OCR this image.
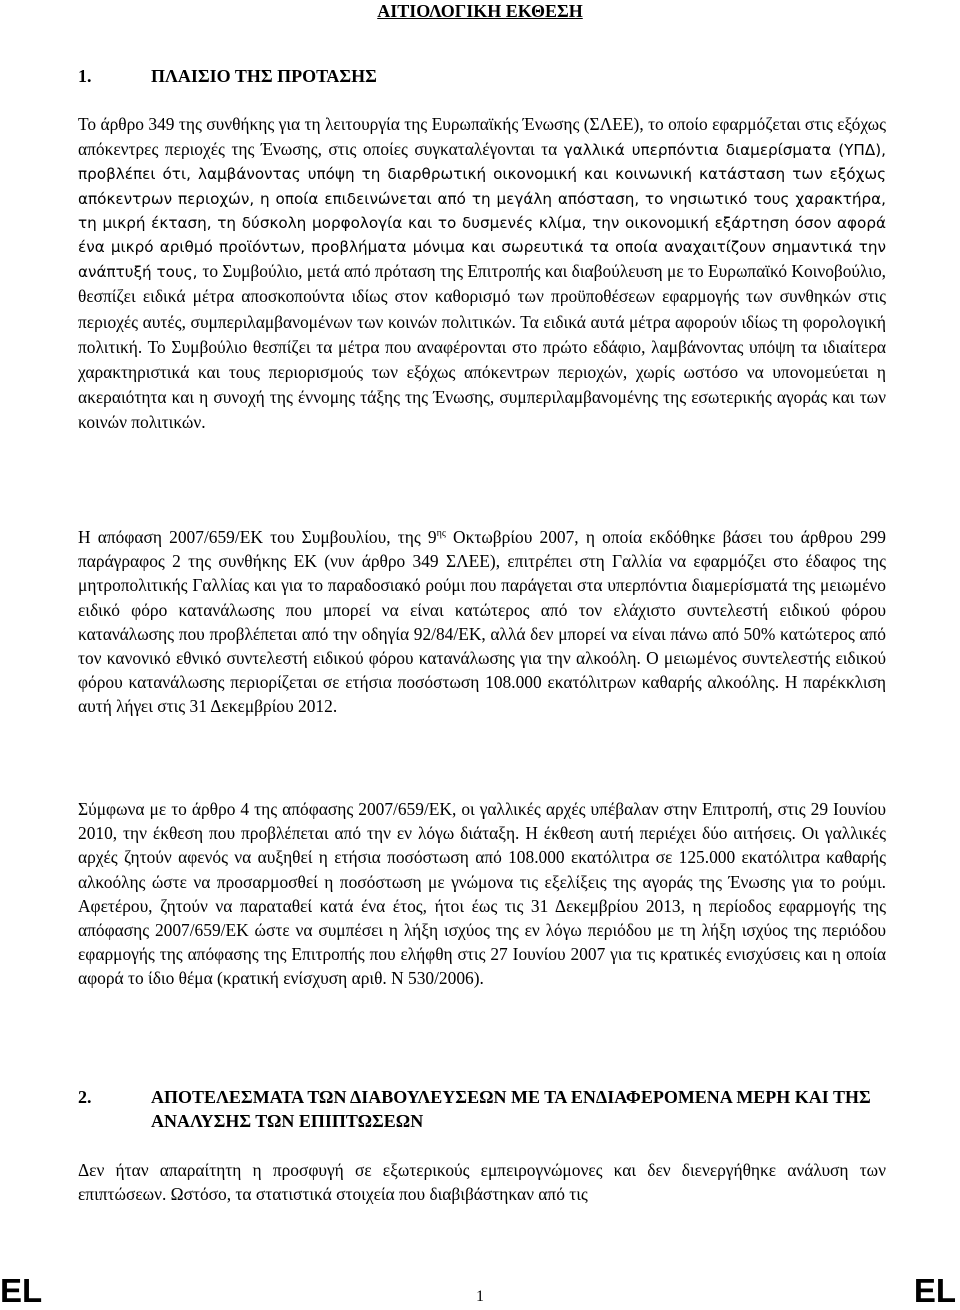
ΑΙΤΙΟΛΟΓΙΚΗ ΕΚΘΕΣΗ
1.	ΠΛΑΙΣΙΟ ΤΗΣ ΠΡΟΤΑΣΗΣ

Το άρθρο 349 της συνθήκης για τη λειτουργία της Ευρωπαϊκής Ένωσης (ΣΛΕΕ), το οποίο εφαρμόζεται στις εξόχως απόκεντρες περιοχές της Ένωσης, στις οποίες συγκαταλέγονται τα γαλλικά υπερπόντια διαμερίσματα (ΥΠΔ), προβλέπει ότι, λαμβάνοντας υπόψη τη διαρθρωτική οικονομική και κοινωνική κατάσταση των εξόχως απόκεντρων περιοχών, η οποία επιδεινώνεται από τη μεγάλη απόσταση, το νησιωτικό τους χαρακτήρα, τη μικρή έκταση, τη δύσκολη μορφολογία και το δυσμενές κλίμα, την οικονομική εξάρτηση όσον αφορά ένα μικρό αριθμό προϊόντων, προβλήματα μόνιμα και σωρευτικά τα οποία αναχαιτίζουν σημαντικά την ανάπτυξή τους, το Συμβούλιο, μετά από πρόταση της Επιτροπής και διαβούλευση με το Ευρωπαϊκό Κοινοβούλιο, θεσπίζει ειδικά μέτρα αποσκοπούντα ιδίως στον καθορισμό των προϋποθέσεων εφαρμογής των συνθηκών στις περιοχές αυτές, συμπεριλαμβανομένων των κοινών πολιτικών. Τα ειδικά αυτά μέτρα αφορούν ιδίως τη φορολογική πολιτική. Το Συμβούλιο θεσπίζει τα μέτρα που αναφέρονται στο πρώτο εδάφιο, λαμβάνοντας υπόψη τα ιδιαίτερα χαρακτηριστικά και τους περιορισμούς των εξόχως απόκεντρων περιοχών, χωρίς ωστόσο να υπονομεύεται η ακεραιότητα και η συνοχή της έννομης τάξης της Ένωσης, συμπεριλαμβανομένης της εσωτερικής αγοράς και των κοινών πολιτικών.

Η απόφαση 2007/659/ΕΚ του Συμβουλίου, της $9^{\eta\varsigma}$ Οκτωβρίου 2007, η οποία εκδόθηκε βάσει του άρθρου 299 παράγραφος 2 της συνθήκης ΕΚ (νυν άρθρο 349 ΣΛΕΕ), επιτρέπει στη Γαλλία να εφαρμόζει στο έδαφος της μητροπολιτικής Γαλλίας και για το παραδοσιακό ρούμι που παράγεται στα υπερπόντια διαμερίσματά της μειωμένο ειδικό φόρο κατανάλωσης που μπορεί να είναι κατώτερος από τον ελάχιστο συντελεστή ειδικού φόρου κατανάλωσης που προβλέπεται από την οδηγία 92/84/ΕΚ, αλλά δεν μπορεί να είναι πάνω από 50% κατώτερος από τον κανονικό εθνικό συντελεστή ειδικού φόρου κατανάλωσης για την αλκοόλη. Ο μειωμένος συντελεστής ειδικού φόρου κατανάλωσης περιορίζεται σε ετήσια ποσόστωση 108.000 εκατόλιτρων καθαρής αλκοόλης. Η παρέκκλιση αυτή λήγει στις 31 Δεκεμβρίου 2012.

Σύμφωνα με το άρθρο 4 της απόφασης 2007/659/ΕΚ, οι γαλλικές αρχές υπέβαλαν στην Επιτροπή, στις 29 Ιουνίου 2010, την έκθεση που προβλέπεται από την εν λόγω διάταξη. Η έκθεση αυτή περιέχει δύο αιτήσεις. Οι γαλλικές αρχές ζητούν αφενός να αυξηθεί η ετήσια ποσόστωση από 108.000 εκατόλιτρα σε 125.000 εκατόλιτρα καθαρής αλκοόλης ώστε να προσαρμοσθεί η ποσόστωση με γνώμονα τις εξελίξεις της αγοράς της Ένωσης για το ρούμι. Αφετέρου, ζητούν να παραταθεί κατά ένα έτος, ήτοι έως τις 31 Δεκεμβρίου 2013, η περίοδος εφαρμογής της απόφασης 2007/659/ΕΚ ώστε να συμπέσει η λήξη ισχύος της εν λόγω περιόδου με τη λήξη ισχύος της περιόδου εφαρμογής της απόφασης της Επιτροπής που ελήφθη στις 27 Ιουνίου 2007 για τις κρατικές ενισχύσεις και η οποία αφορά το ίδιο θέμα (κρατική ενίσχυση αριθ. Ν 530/2006).

2.	ΑΠΟΤΕΛΕΣΜΑΤΑ ΤΩΝ ΔΙΑΒΟΥΛΕΥΣΕΩΝ ΜΕ ΤΑ ΕΝΔΙΑΦΕΡΟΜΕΝΑ ΜΕΡΗ ΚΑΙ ΤΗΣ ΑΝΑΛΥΣΗΣ ΤΩΝ ΕΠΙΠΤΩΣΕΩΝ

Δεν ήταν απαραίτητη η προσφυγή σε εξωτερικούς εμπειρογνώμονες και δεν διενεργήθηκε ανάλυση των επιπτώσεων. Ωστόσο, τα στατιστικά στοιχεία που διαβιβάστηκαν από τις

EL	1	EL
